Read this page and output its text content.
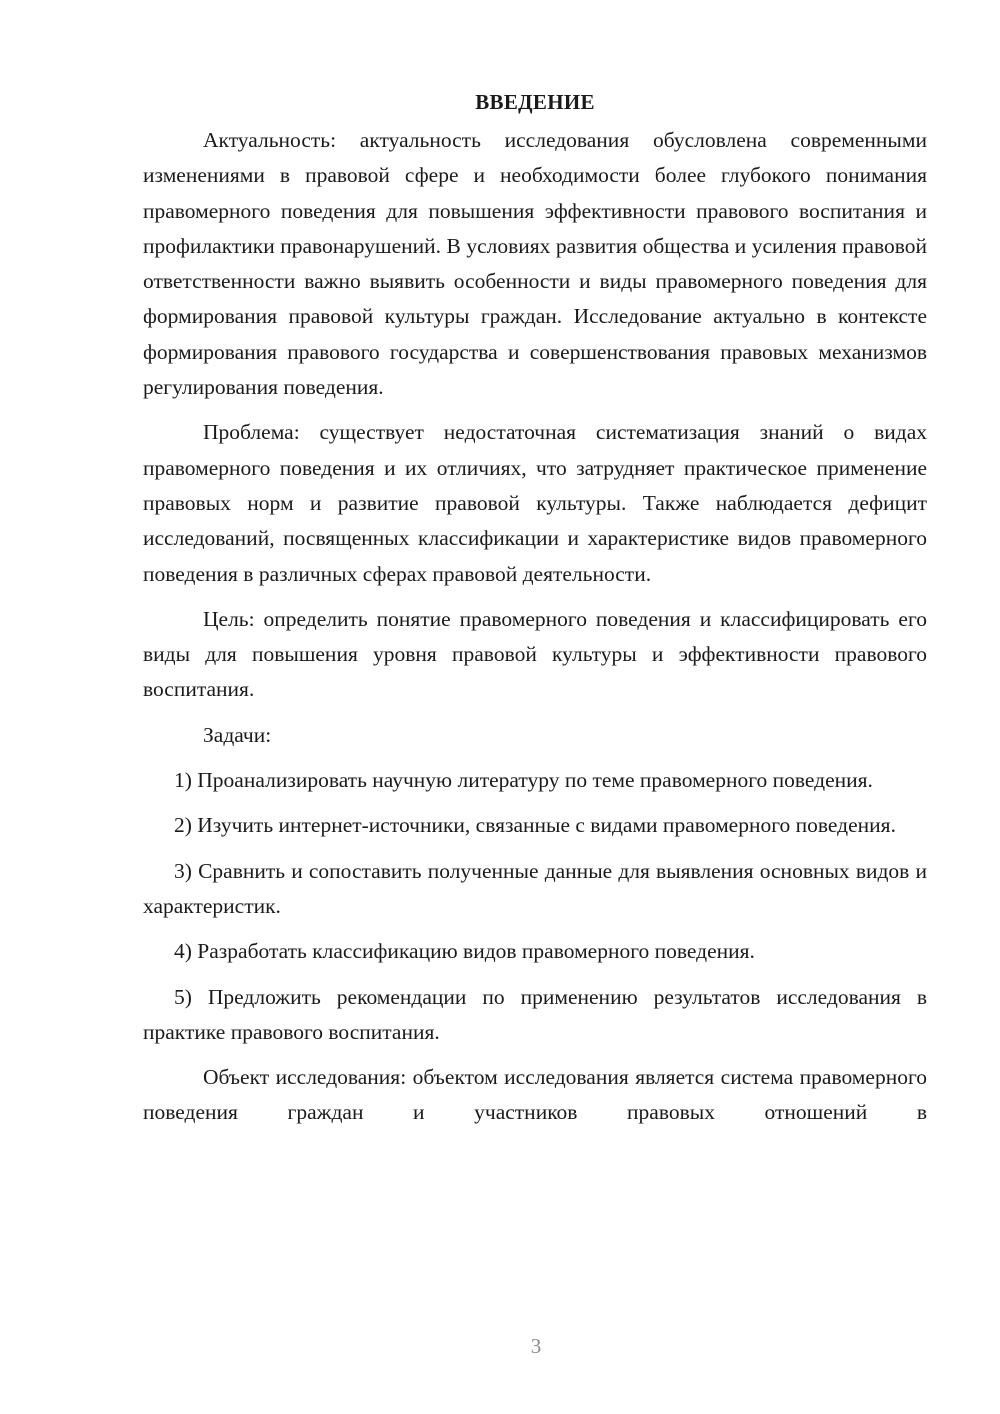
ВВЕДЕНИЕ

Актуальность: актуальность исследования обусловлена современными изменениями в правовой сфере и необходимости более глубокого понимания правомерного поведения для повышения эффективности правового воспитания и профилактики правонарушений. В условиях развития общества и усиления правовой ответственности важно выявить особенности и виды правомерного поведения для формирования правовой культуры граждан. Исследование актуально в контексте формирования правового государства и совершенствования правовых механизмов регулирования поведения.

Проблема: существует недостаточная систематизация знаний о видах правомерного поведения и их отличиях, что затрудняет практическое применение правовых норм и развитие правовой культуры. Также наблюдается дефицит исследований, посвященных классификации и характеристике видов правомерного поведения в различных сферах правовой деятельности.

Цель: определить понятие правомерного поведения и классифицировать его виды для повышения уровня правовой культуры и эффективности правового воспитания.

Задачи:

1) Проанализировать научную литературу по теме правомерного поведения.

2) Изучить интернет-источники, связанные с видами правомерного поведения.

3) Сравнить и сопоставить полученные данные для выявления основных видов и характеристик.

4) Разработать классификацию видов правомерного поведения.

5) Предложить рекомендации по применению результатов исследования в практике правового воспитания.

Объект исследования: объектом исследования является система правомерного поведения граждан и участников правовых отношений в

3
